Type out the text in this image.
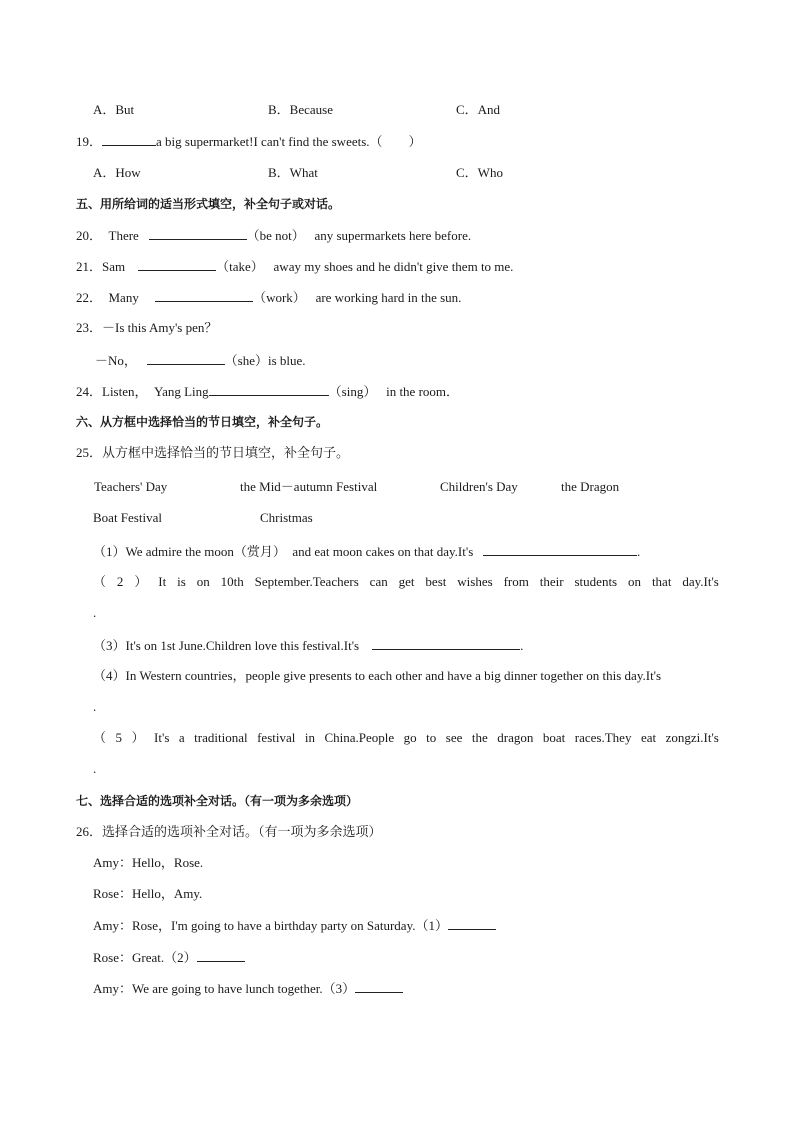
A．But	B．Because	C．And
19．	a big supermarket!I can't find the sweets.（　　）
A．How	B．What	C．Who
五、用所给词的适当形式填空，补全句子或对话。
20．　There	（be not） any supermarkets here before.
21．Sam	（take） away my shoes and he didn't give them to me.
22．　Many	（work） are working hard in the sun.
23．－Is this Amy's pen？
－No，	（she）is blue.
24．Listen，　Yang Ling	（sing） in the room．
六、从方框中选择恰当的节日填空，补全句子。
25．从方框中选择恰当的节日填空，补全句子。
Teachers' Day	the Mid－autumn Festival	Children's Day	the Dragon
Boat Festival	Christmas
（1）We admire the moon（赏月）　and eat moon cakes on that day.It's	.
（ 2 ） It is on 10th September.Teachers can get best wishes from their students on that day.It's
.
（3）It's on 1st June.Children love this festival.It's	.
（4）In Western countries，people give presents to each other and have a big dinner together on this day.It's
.
（ 5 ） It's a traditional festival in China.People go to see the dragon boat races.They eat zongzi.It's
.
七、选择合适的选项补全对话。（有一项为多余选项）
26．选择合适的选项补全对话。（有一项为多余选项）
Amy：Hello，Rose.
Rose：Hello，Amy.
Amy：Rose，I'm going to have a birthday party on Saturday.（1）
Rose：Great.（2）
Amy：We are going to have lunch together.（3）
